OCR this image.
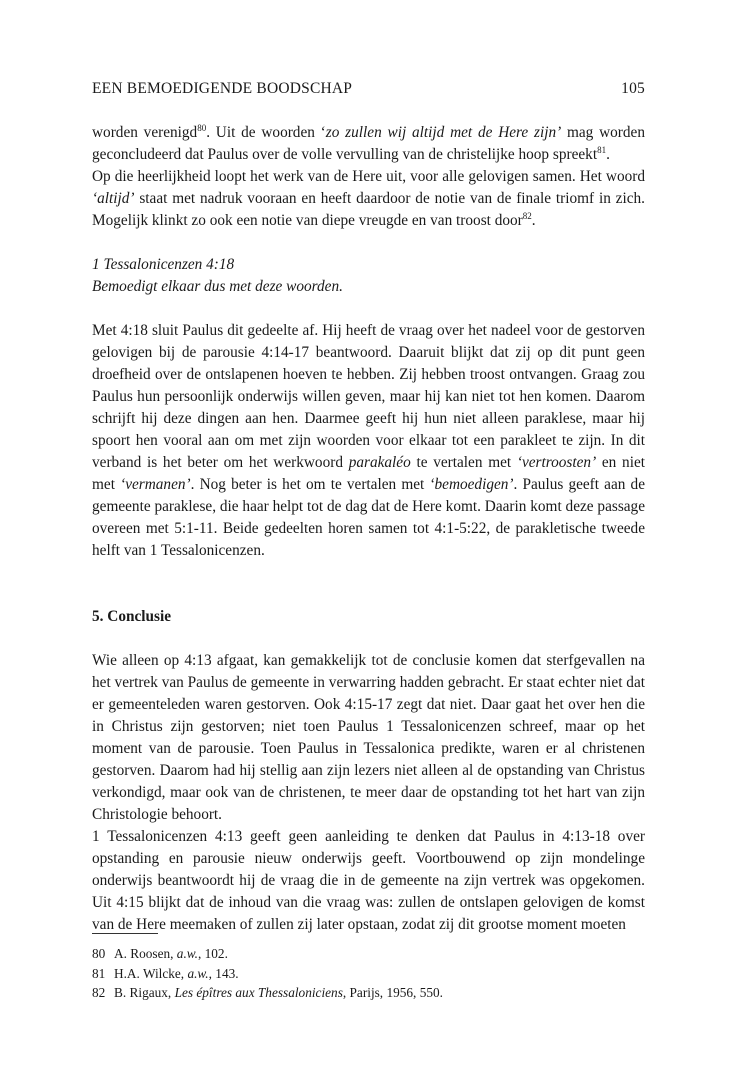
EEN BEMOEDIGENDE BOODSCHAP	105

worden verenigd$^{80}$. Uit de woorden ‘zo zullen wij altijd met de Here zijn’ mag worden geconcludeerd dat Paulus over de volle vervulling van de christelijke hoop spreekt$^{81}$.

Op die heerlijkheid loopt het werk van de Here uit, voor alle gelovigen samen. Het woord ‘altijd’ staat met nadruk vooraan en heeft daardoor de notie van de finale triomf in zich. Mogelijk klinkt zo ook een notie van diepe vreugde en van troost door$^{82}$.

1 Tessalonicenzen 4:18

Bemoedigt elkaar dus met deze woorden.

Met 4:18 sluit Paulus dit gedeelte af. Hij heeft de vraag over het nadeel voor de gestorven gelovigen bij de parousie 4:14-17 beantwoord. Daaruit blijkt dat zij op dit punt geen droefheid over de ontslapenen hoeven te hebben. Zij hebben troost ontvangen. Graag zou Paulus hun persoonlijk onderwijs willen geven, maar hij kan niet tot hen komen. Daarom schrijft hij deze dingen aan hen. Daarmee geeft hij hun niet alleen paraklese, maar hij spoort hen vooral aan om met zijn woorden voor elkaar tot een parakleet te zijn. In dit verband is het beter om het werkwoord parakaléo te vertalen met ‘vertroosten’ en niet met ‘vermanen’. Nog beter is het om te vertalen met ‘bemoedigen’. Paulus geeft aan de gemeente paraklese, die haar helpt tot de dag dat de Here komt. Daarin komt deze passage overeen met 5:1-11. Beide gedeelten horen samen tot 4:1-5:22, de parakletische tweede helft van 1 Tessalonicenzen.

5. Conclusie

Wie alleen op 4:13 afgaat, kan gemakkelijk tot de conclusie komen dat sterfgevallen na het vertrek van Paulus de gemeente in verwarring hadden gebracht. Er staat echter niet dat er gemeenteleden waren gestorven. Ook 4:15-17 zegt dat niet. Daar gaat het over hen die in Christus zijn gestorven; niet toen Paulus 1 Tessalonicenzen schreef, maar op het moment van de parousie. Toen Paulus in Tessalonica predikte, waren er al christenen gestorven. Daarom had hij stellig aan zijn lezers niet alleen al de opstanding van Christus verkondigd, maar ook van de christenen, te meer daar de opstanding tot het hart van zijn Christologie behoort.

1 Tessalonicenzen 4:13 geeft geen aanleiding te denken dat Paulus in 4:13-18 over opstanding en parousie nieuw onderwijs geeft. Voortbouwend op zijn mondelinge onderwijs beantwoordt hij de vraag die in de gemeente na zijn vertrek was opgekomen. Uit 4:15 blijkt dat de inhoud van die vraag was: zullen de ontslapen gelovigen de komst van de Here meemaken of zullen zij later opstaan, zodat zij dit grootse moment moeten

80 A. Roosen, a.w., 102.
81 H.A. Wilcke, a.w., 143.
82 B. Rigaux, Les épîtres aux Thessaloniciens, Parijs, 1956, 550.
